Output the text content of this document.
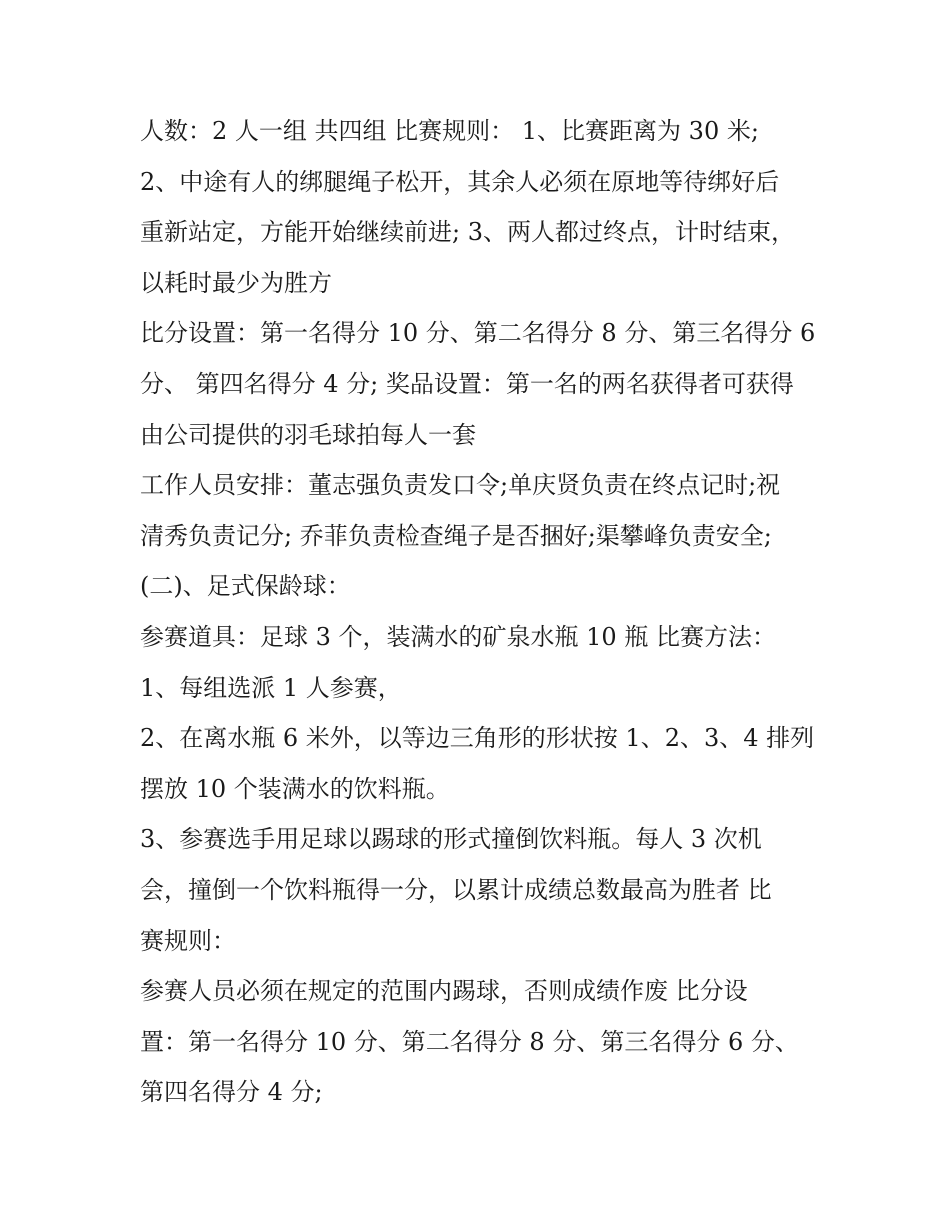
人数：2 人一组 共四组 比赛规则： 1、比赛距离为 30 米;
2、中途有人的绑腿绳子松开，其余人必须在原地等待绑好后
重新站定，方能开始继续前进; 3、两人都过终点，计时结束，
以耗时最少为胜方
比分设置：第一名得分 10 分、第二名得分 8 分、第三名得分 6
分、 第四名得分 4 分; 奖品设置：第一名的两名获得者可获得
由公司提供的羽毛球拍每人一套
工作人员安排：董志强负责发口令;单庆贤负责在终点记时;祝
清秀负责记分; 乔菲负责检查绳子是否捆好;渠攀峰负责安全;
(二)、足式保龄球：
参赛道具：足球 3 个，装满水的矿泉水瓶 10 瓶 比赛方法：
1、每组选派 1 人参赛，
2、在离水瓶 6 米外，以等边三角形的形状按 1、2、3、4 排列
摆放 10 个装满水的饮料瓶。
3、参赛选手用足球以踢球的形式撞倒饮料瓶。每人 3 次机
会，撞倒一个饮料瓶得一分，以累计成绩总数最高为胜者 比
赛规则：
参赛人员必须在规定的范围内踢球，否则成绩作废 比分设
置：第一名得分 10 分、第二名得分 8 分、第三名得分 6 分、
第四名得分 4 分;
